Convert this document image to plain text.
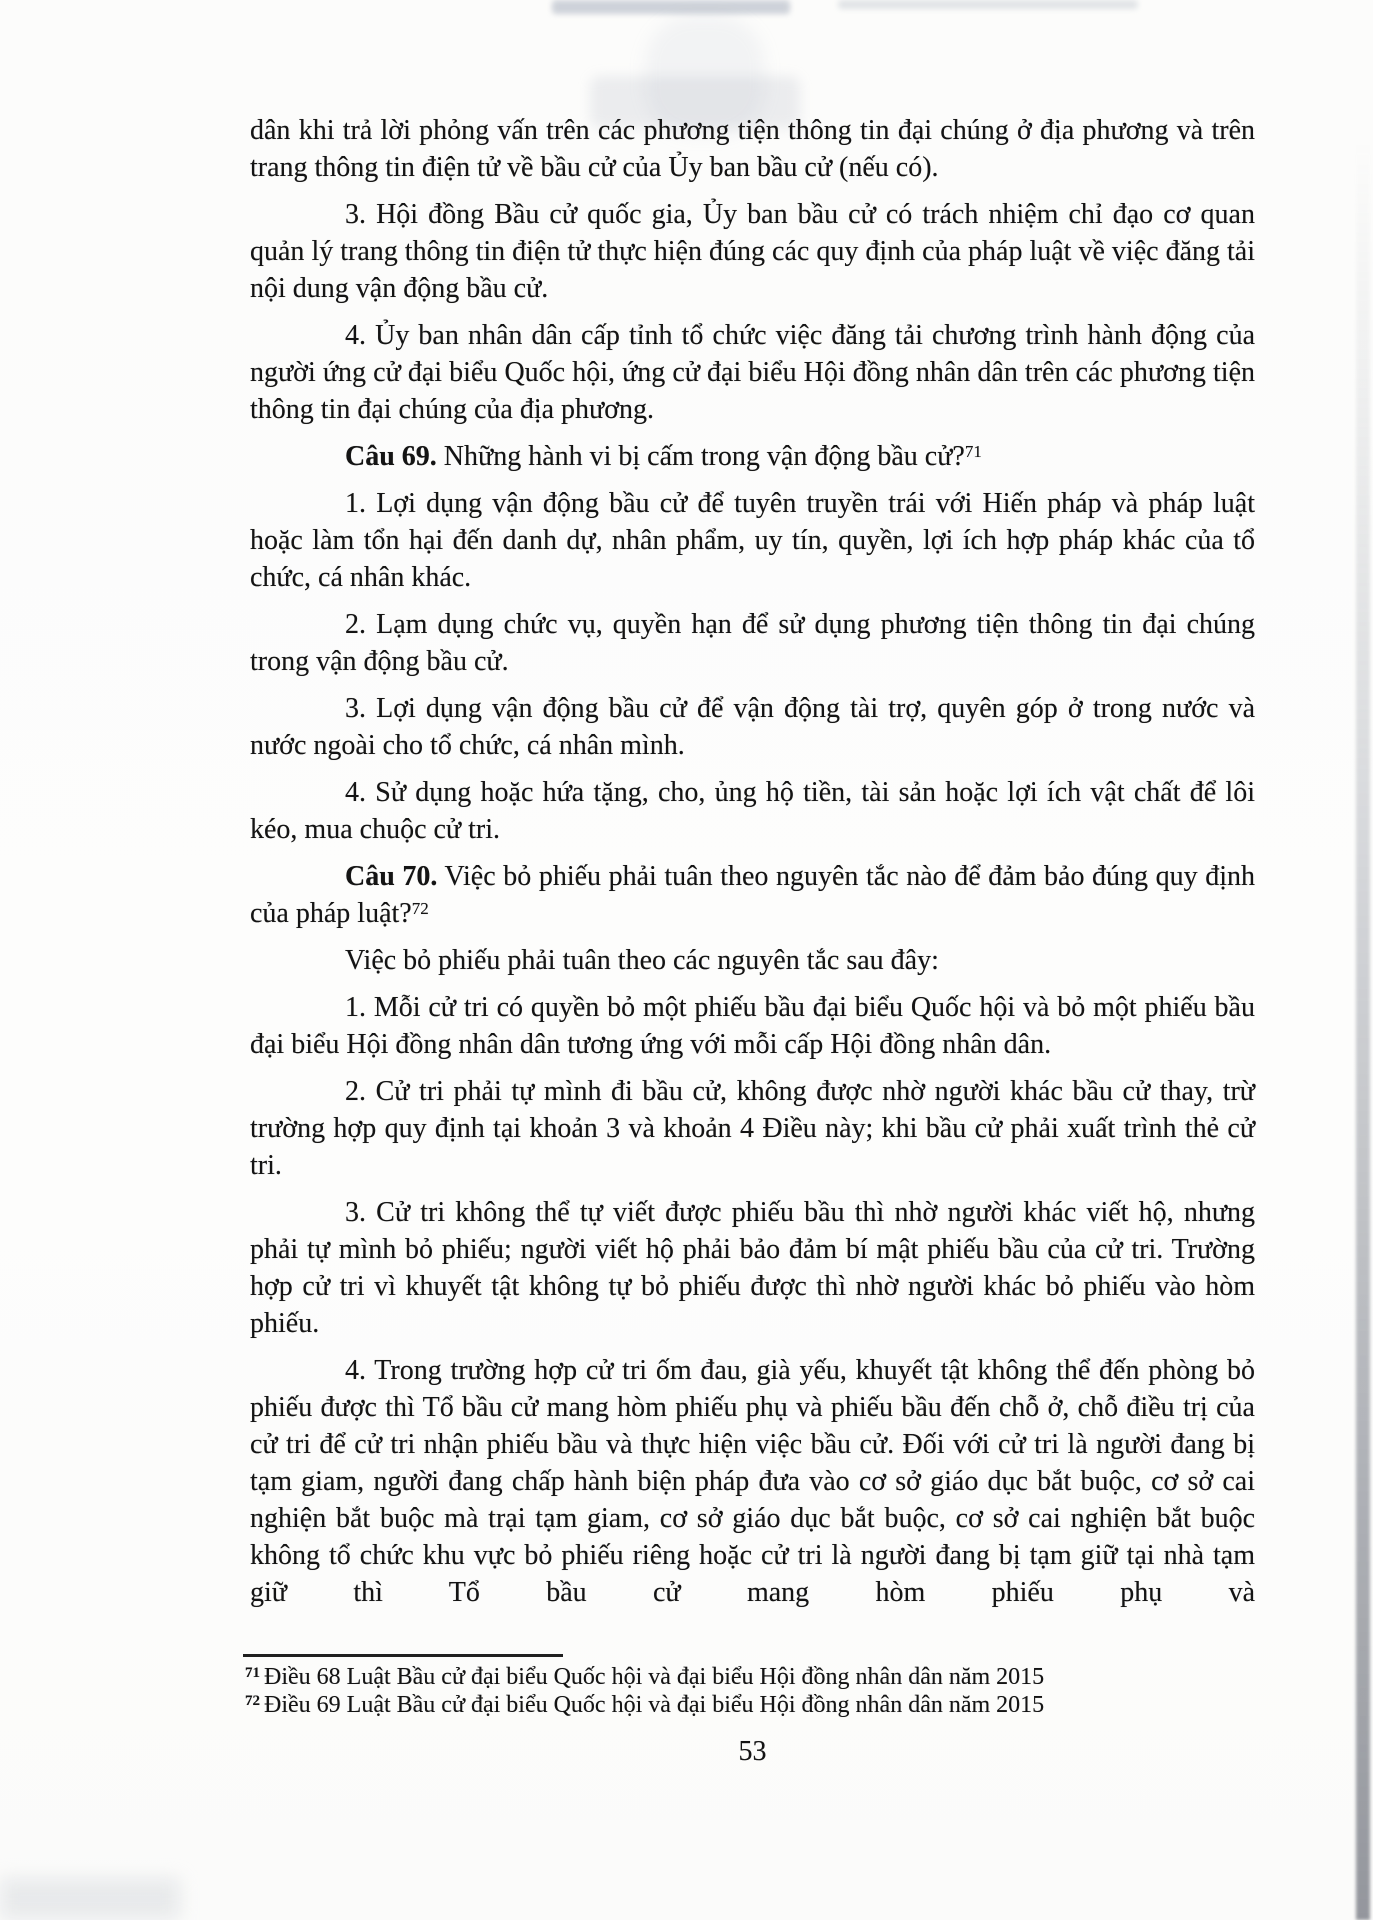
dân khi trả lời phỏng vấn trên các phương tiện thông tin đại chúng ở địa phương và trên trang thông tin điện tử về bầu cử của Ủy ban bầu cử (nếu có).

3. Hội đồng Bầu cử quốc gia, Ủy ban bầu cử có trách nhiệm chỉ đạo cơ quan quản lý trang thông tin điện tử thực hiện đúng các quy định của pháp luật về việc đăng tải nội dung vận động bầu cử.

4. Ủy ban nhân dân cấp tỉnh tổ chức việc đăng tải chương trình hành động của người ứng cử đại biểu Quốc hội, ứng cử đại biểu Hội đồng nhân dân trên các phương tiện thông tin đại chúng của địa phương.

Câu 69. Những hành vi bị cấm trong vận động bầu cử?$^{71}$

1. Lợi dụng vận động bầu cử để tuyên truyền trái với Hiến pháp và pháp luật hoặc làm tổn hại đến danh dự, nhân phẩm, uy tín, quyền, lợi ích hợp pháp khác của tổ chức, cá nhân khác.

2. Lạm dụng chức vụ, quyền hạn để sử dụng phương tiện thông tin đại chúng trong vận động bầu cử.

3. Lợi dụng vận động bầu cử để vận động tài trợ, quyên góp ở trong nước và nước ngoài cho tổ chức, cá nhân mình.

4. Sử dụng hoặc hứa tặng, cho, ủng hộ tiền, tài sản hoặc lợi ích vật chất để lôi kéo, mua chuộc cử tri.

Câu 70. Việc bỏ phiếu phải tuân theo nguyên tắc nào để đảm bảo đúng quy định của pháp luật?$^{72}$

Việc bỏ phiếu phải tuân theo các nguyên tắc sau đây:

1. Mỗi cử tri có quyền bỏ một phiếu bầu đại biểu Quốc hội và bỏ một phiếu bầu đại biểu Hội đồng nhân dân tương ứng với mỗi cấp Hội đồng nhân dân.

2. Cử tri phải tự mình đi bầu cử, không được nhờ người khác bầu cử thay, trừ trường hợp quy định tại khoản 3 và khoản 4 Điều này; khi bầu cử phải xuất trình thẻ cử tri.

3. Cử tri không thể tự viết được phiếu bầu thì nhờ người khác viết hộ, nhưng phải tự mình bỏ phiếu; người viết hộ phải bảo đảm bí mật phiếu bầu của cử tri. Trường hợp cử tri vì khuyết tật không tự bỏ phiếu được thì nhờ người khác bỏ phiếu vào hòm phiếu.

4. Trong trường hợp cử tri ốm đau, già yếu, khuyết tật không thể đến phòng bỏ phiếu được thì Tổ bầu cử mang hòm phiếu phụ và phiếu bầu đến chỗ ở, chỗ điều trị của cử tri để cử tri nhận phiếu bầu và thực hiện việc bầu cử. Đối với cử tri là người đang bị tạm giam, người đang chấp hành biện pháp đưa vào cơ sở giáo dục bắt buộc, cơ sở cai nghiện bắt buộc mà trại tạm giam, cơ sở giáo dục bắt buộc, cơ sở cai nghiện bắt buộc không tổ chức khu vực bỏ phiếu riêng hoặc cử tri là người đang bị tạm giữ tại nhà tạm giữ thì Tổ bầu cử mang hòm phiếu phụ và

$^{71}$ Điều 68 Luật Bầu cử đại biểu Quốc hội và đại biểu Hội đồng nhân dân năm 2015

$^{72}$ Điều 69 Luật Bầu cử đại biểu Quốc hội và đại biểu Hội đồng nhân dân năm 2015

53
